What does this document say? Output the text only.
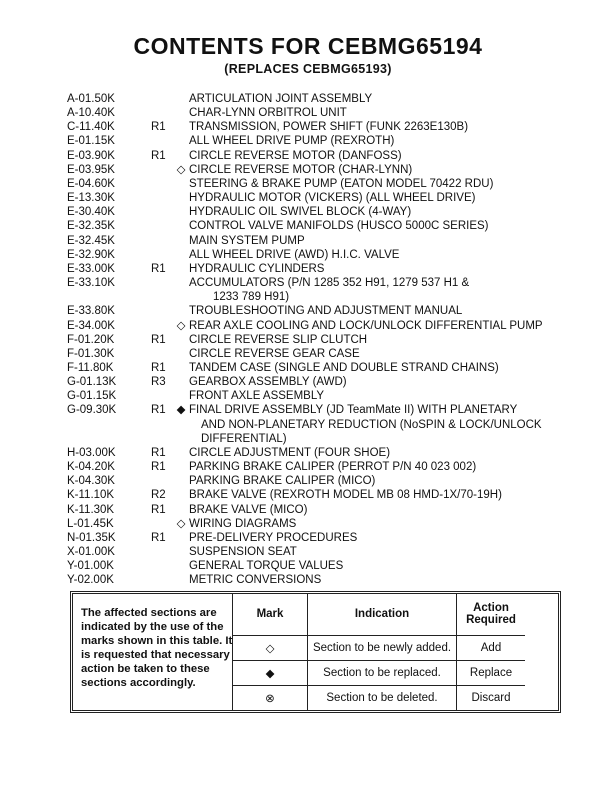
CONTENTS FOR CEBMG65194
(REPLACES CEBMG65193)
A-01.50K	ARTICULATION JOINT ASSEMBLY
A-10.40K	CHAR-LYNN ORBITROL UNIT
C-11.40K	R1	TRANSMISSION, POWER SHIFT (FUNK 2263E130B)
E-01.15K	ALL WHEEL DRIVE PUMP (REXROTH)
E-03.90K	R1	CIRCLE REVERSE MOTOR (DANFOSS)
E-03.95K	◇ CIRCLE REVERSE MOTOR (CHAR-LYNN)
E-04.60K	STEERING & BRAKE PUMP (EATON MODEL 70422 RDU)
E-13.30K	HYDRAULIC MOTOR (VICKERS) (ALL WHEEL DRIVE)
E-30.40K	HYDRAULIC OIL SWIVEL BLOCK (4-WAY)
E-32.35K	CONTROL VALVE MANIFOLDS (HUSCO 5000C SERIES)
E-32.45K	MAIN SYSTEM PUMP
E-32.90K	ALL WHEEL DRIVE (AWD) H.I.C. VALVE
E-33.00K	R1	HYDRAULIC CYLINDERS
E-33.10K	ACCUMULATORS (P/N 1285 352 H91, 1279 537 H1 &
1233 789 H91)
E-33.80K	TROUBLESHOOTING AND ADJUSTMENT MANUAL
E-34.00K	◇ REAR AXLE COOLING AND LOCK/UNLOCK DIFFERENTIAL PUMP
F-01.20K	R1	CIRCLE REVERSE SLIP CLUTCH
F-01.30K	CIRCLE REVERSE GEAR CASE
F-11.80K	R1	TANDEM CASE (SINGLE AND DOUBLE STRAND CHAINS)
G-01.13K	R3	GEARBOX ASSEMBLY (AWD)
G-01.15K	FRONT AXLE ASSEMBLY
G-09.30K	R1 ◆ FINAL DRIVE ASSEMBLY (JD TeamMate II) WITH PLANETARY
AND NON-PLANETARY REDUCTION (NoSPIN & LOCK/UNLOCK
DIFFERENTIAL)
H-03.00K	R1	CIRCLE ADJUSTMENT (FOUR SHOE)
K-04.20K	R1	PARKING BRAKE CALIPER (PERROT P/N 40 023 002)
K-04.30K	PARKING BRAKE CALIPER (MICO)
K-11.10K	R2	BRAKE VALVE (REXROTH MODEL MB 08 HMD-1X/70-19H)
K-11.30K	R1	BRAKE VALVE (MICO)
L-01.45K	◇ WIRING DIAGRAMS
N-01.35K	R1	PRE-DELIVERY PROCEDURES
X-01.00K	SUSPENSION SEAT
Y-01.00K	GENERAL TORQUE VALUES
Y-02.00K	METRIC CONVERSIONS
The affected sections are indicated by the use of the marks shown in this table. It is requested that necessary action be taken to these sections accordingly.
Mark	Indication	Action Required
◇	Section to be newly added.	Add
◆	Section to be replaced.	Replace
⊗	Section to be deleted.	Discard
